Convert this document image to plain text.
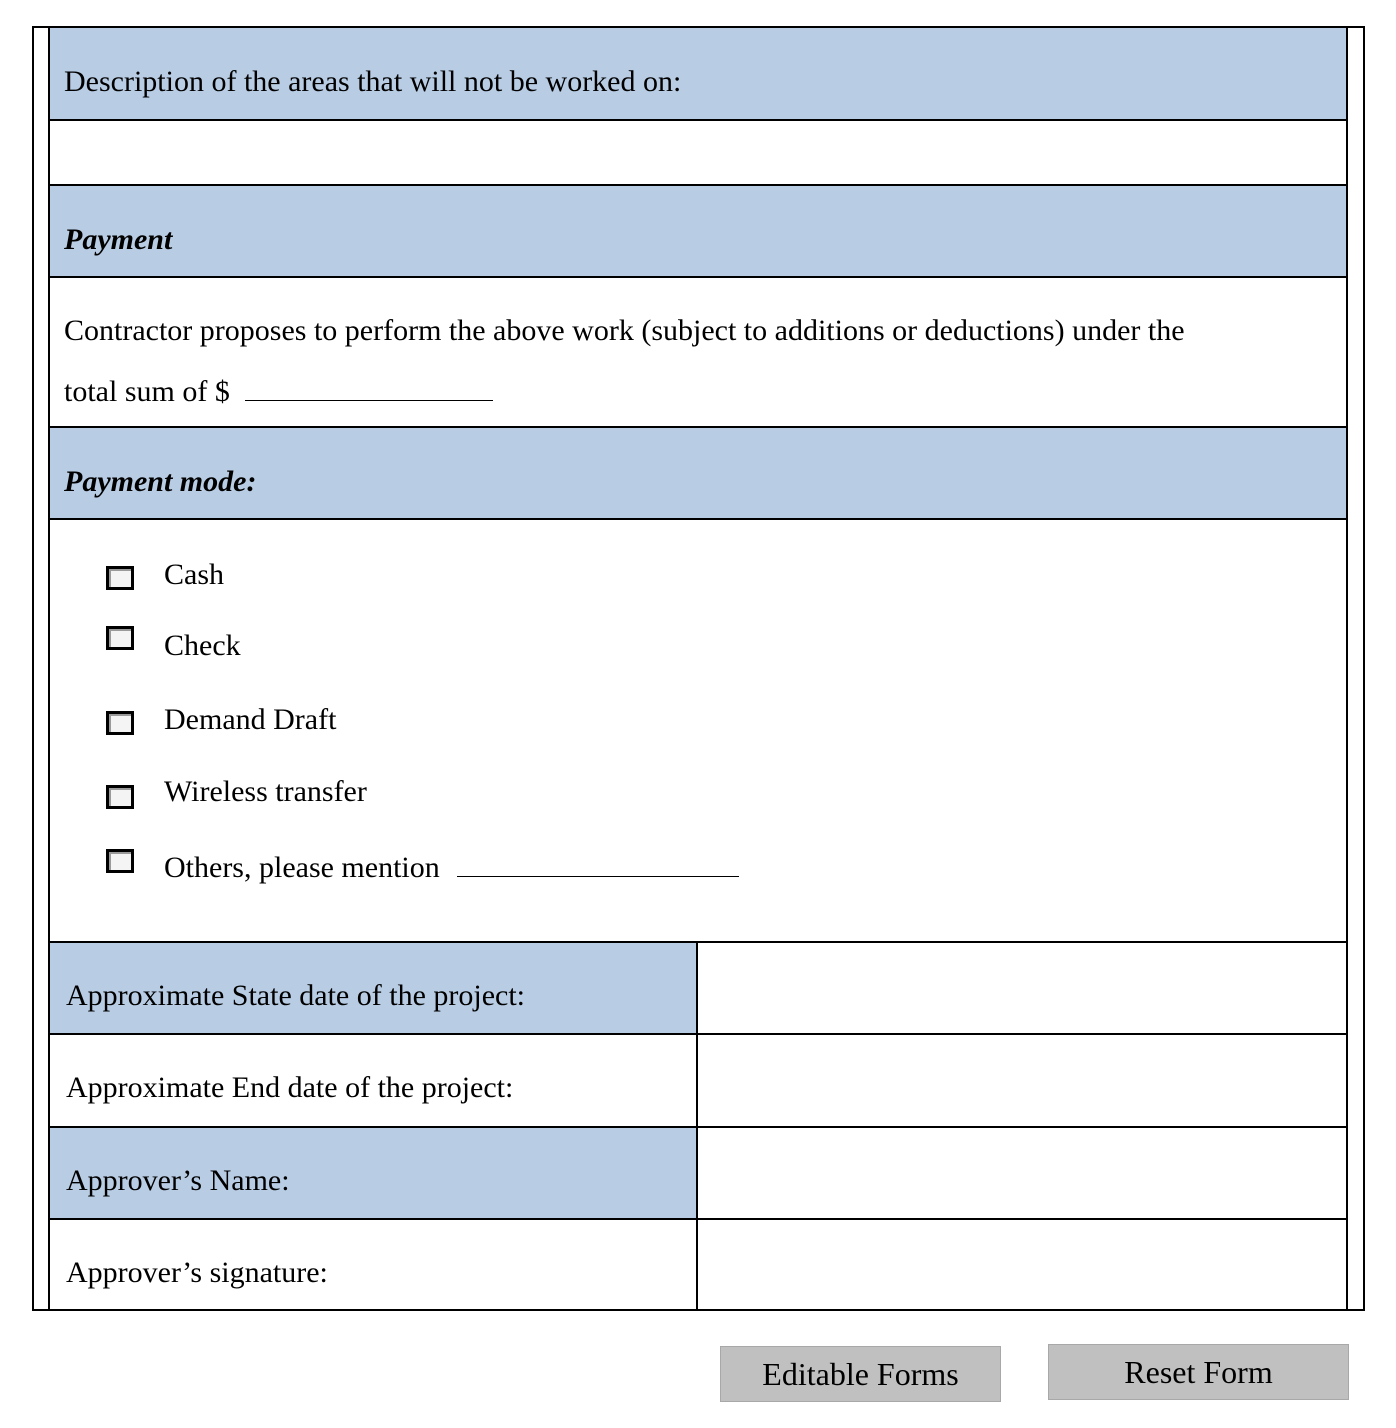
Description of the areas that will not be worked on:
Payment
Contractor proposes to perform the above work (subject to additions or deductions) under the
total sum of $
Payment mode:
Cash
Check
Demand Draft
Wireless transfer
Others, please mention
Approximate State date of the project:
Approximate End date of the project:
Approver’s Name:
Approver’s signature:
Editable Forms	Reset Form
